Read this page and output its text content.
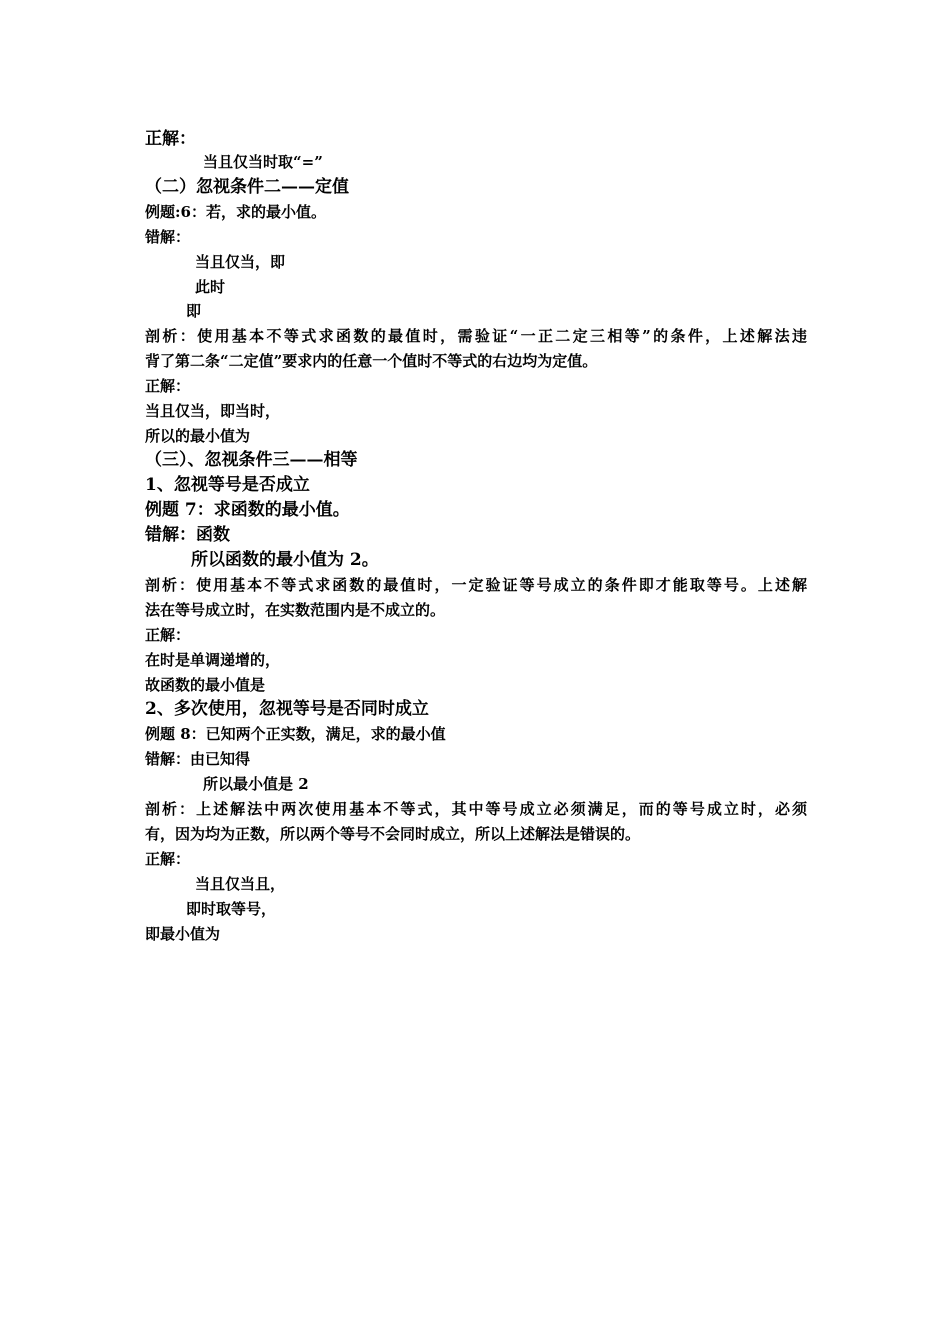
正解：
当且仅当时取“=”
（二）忽视条件二——定值
例题:6：若，求的最小值。
错解：
当且仅当，即
此时
即
剖析：使用基本不等式求函数的最值时，需验证“一正二定三相等”的条件，上述解法违
背了第二条“二定值”要求内的任意一个值时不等式的右边均为定值。
正解：
当且仅当，即当时，
所以的最小值为
（三）、忽视条件三——相等
1、忽视等号是否成立
例题 7：求函数的最小值。
错解：函数
所以函数的最小值为 2。
剖析：使用基本不等式求函数的最值时，一定验证等号成立的条件即才能取等号。上述解
法在等号成立时，在实数范围内是不成立的。
正解：
在时是单调递增的，
故函数的最小值是
2、多次使用，忽视等号是否同时成立
例题 8：已知两个正实数，满足，求的最小值
错解：由已知得
所以最小值是 2
剖析：上述解法中两次使用基本不等式，其中等号成立必须满足，而的等号成立时，必须
有，因为均为正数，所以两个等号不会同时成立，所以上述解法是错误的。
正解：
当且仅当且，
即时取等号，
即最小值为
